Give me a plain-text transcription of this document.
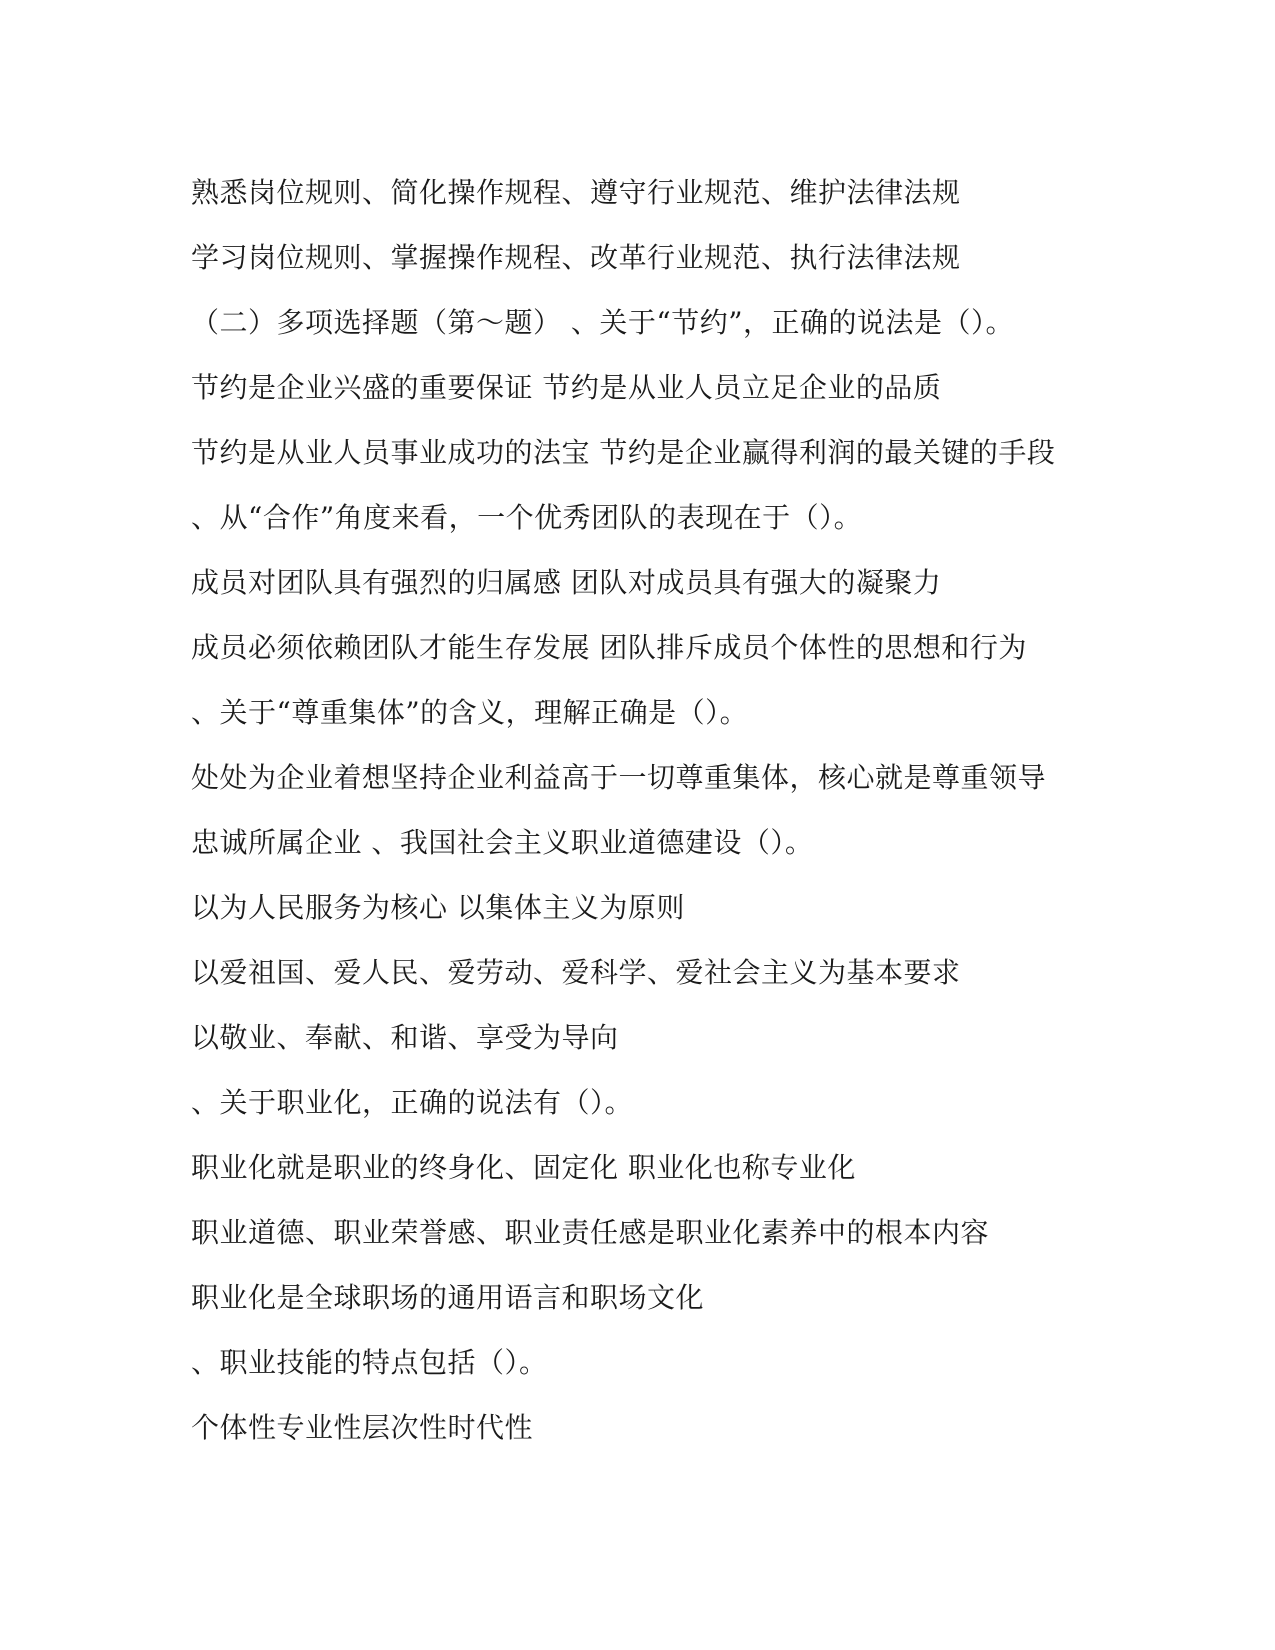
熟悉岗位规则、简化操作规程、遵守行业规范、维护法律法规
学习岗位规则、掌握操作规程、改革行业规范、执行法律法规
（二）多项选择题（第～题） 、关于“节约”，正确的说法是（）。
节约是企业兴盛的重要保证 节约是从业人员立足企业的品质
节约是从业人员事业成功的法宝 节约是企业赢得利润的最关键的手段
、从“合作”角度来看，一个优秀团队的表现在于（）。
成员对团队具有强烈的归属感 团队对成员具有强大的凝聚力
成员必须依赖团队才能生存发展 团队排斥成员个体性的思想和行为
、关于“尊重集体”的含义，理解正确是（）。
处处为企业着想坚持企业利益高于一切尊重集体，核心就是尊重领导
忠诚所属企业 、我国社会主义职业道德建设（）。
以为人民服务为核心 以集体主义为原则
以爱祖国、爱人民、爱劳动、爱科学、爱社会主义为基本要求
以敬业、奉献、和谐、享受为导向
、关于职业化，正确的说法有（）。
职业化就是职业的终身化、固定化 职业化也称专业化
职业道德、职业荣誉感、职业责任感是职业化素养中的根本内容
职业化是全球职场的通用语言和职场文化
、职业技能的特点包括（）。
个体性专业性层次性时代性
